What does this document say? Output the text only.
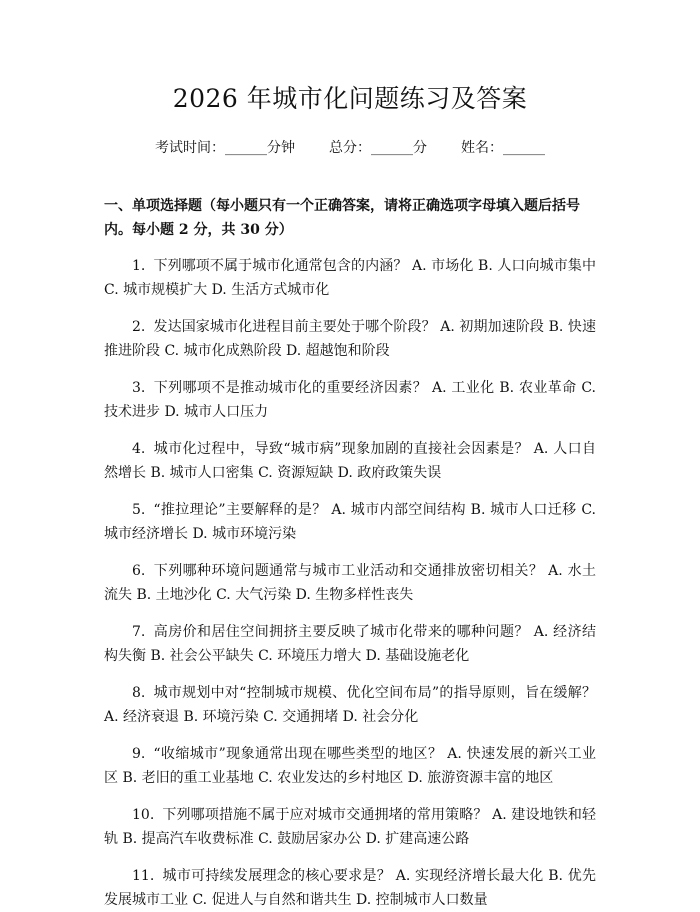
2026 年城市化问题练习及答案
考试时间：______分钟 总分：______分 姓名：______
一、单项选择题（每小题只有一个正确答案，请将正确选项字母填入题后括号内。每小题 2 分，共 30 分）

1. 下列哪项不属于城市化通常包含的内涵？ A. 市场化 B. 人口向城市集中 C. 城市规模扩大 D. 生活方式城市化

2. 发达国家城市化进程目前主要处于哪个阶段？ A. 初期加速阶段 B. 快速推进阶段 C. 城市化成熟阶段 D. 超越饱和阶段

3. 下列哪项不是推动城市化的重要经济因素？ A. 工业化 B. 农业革命 C. 技术进步 D. 城市人口压力

4. 城市化过程中，导致“城市病”现象加剧的直接社会因素是？ A. 人口自然增长 B. 城市人口密集 C. 资源短缺 D. 政府政策失误

5. “推拉理论”主要解释的是？ A. 城市内部空间结构 B. 城市人口迁移 C. 城市经济增长 D. 城市环境污染

6. 下列哪种环境问题通常与城市工业活动和交通排放密切相关？ A. 水土流失 B. 土地沙化 C. 大气污染 D. 生物多样性丧失

7. 高房价和居住空间拥挤主要反映了城市化带来的哪种问题？ A. 经济结构失衡 B. 社会公平缺失 C. 环境压力增大 D. 基础设施老化

8. 城市规划中对“控制城市规模、优化空间布局”的指导原则，旨在缓解？ A. 经济衰退 B. 环境污染 C. 交通拥堵 D. 社会分化

9. “收缩城市”现象通常出现在哪些类型的地区？ A. 快速发展的新兴工业区 B. 老旧的重工业基地 C. 农业发达的乡村地区 D. 旅游资源丰富的地区

10. 下列哪项措施不属于应对城市交通拥堵的常用策略？ A. 建设地铁和轻轨 B. 提高汽车收费标准 C. 鼓励居家办公 D. 扩建高速公路

11. 城市可持续发展理念的核心要求是？ A. 实现经济增长最大化 B. 优先发展城市工业 C. 促进人与自然和谐共生 D. 控制城市人口数量
